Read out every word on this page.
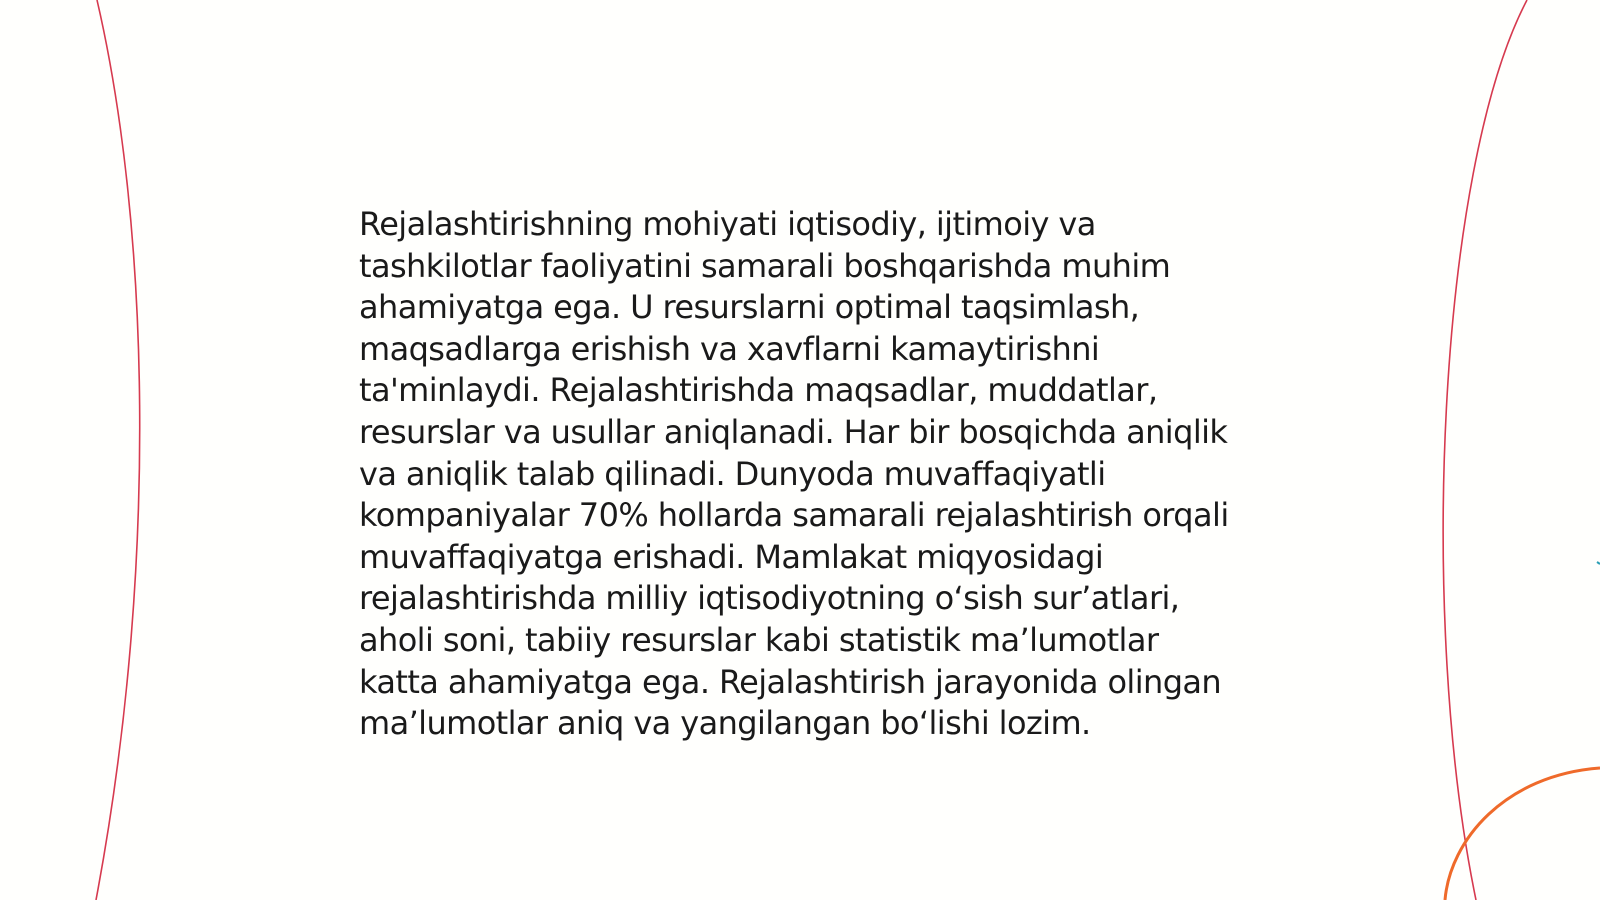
Rejalashtirishning mohiyati iqtisodiy, ijtimoiy va tashkilotlar faoliyatini samarali boshqarishda muhim ahamiyatga ega. U resurslarni optimal taqsimlash, maqsadlarga erishish va xavflarni kamaytirishni ta'minlaydi. Rejalashtirishda maqsadlar, muddatlar, resurslar va usullar aniqlanadi. Har bir bosqichda aniqlik va aniqlik talab qilinadi. Dunyoda muvaffaqiyatli kompaniyalar 70% hollarda samarali rejalashtirish orqali muvaffaqiyatga erishadi. Mamlakat miqyosidagi rejalashtirishda milliy iqtisodiyotning o‘sish sur’atlari, aholi soni, tabiiy resurslar kabi statistik ma’lumotlar katta ahamiyatga ega. Rejalashtirish jarayonida olingan ma’lumotlar aniq va yangilangan bo‘lishi lozim.
